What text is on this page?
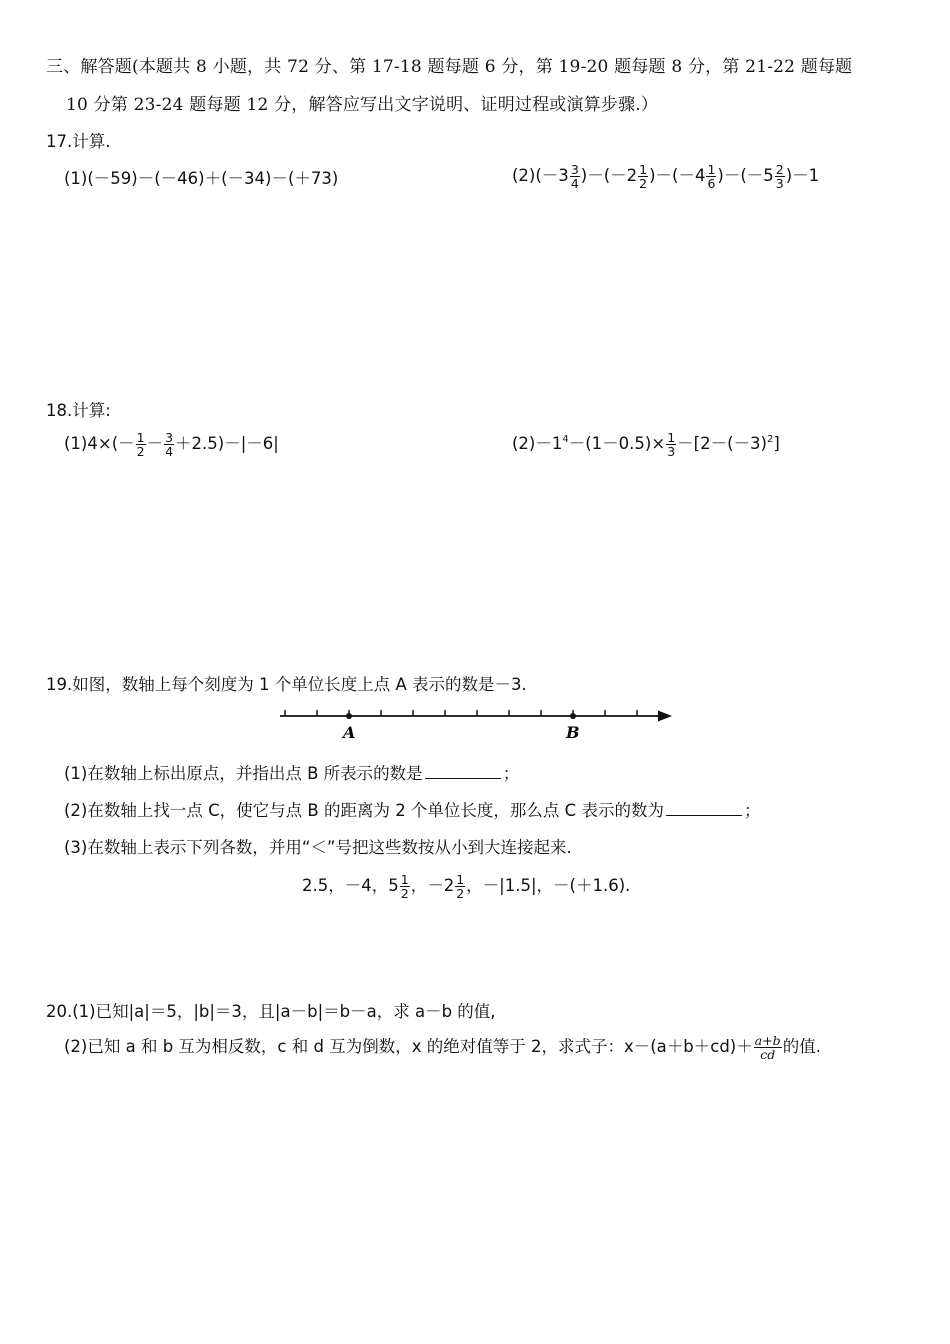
三、解答题(本题共 8 小题，共 72 分、第 17-18 题每题 6 分，第 19-20 题每题 8 分，第 21-22 题每题
10 分第 23-24 题每题 12 分，解答应写出文字说明、证明过程或演算步骤.）
17.计算.
(1)(－59)－(－46)＋(－34)－(＋73)	$(2)(-3 \frac{3}{4} )-(-2 \frac{1}{2} )-(-4 \frac{1}{6} )-(-5 \frac{2}{3} )-1$
18.计算:
$(1)4\times(- \frac{1}{2} - \frac{3}{4} +2.5)-|-6|$	$(2)-1^4-(1-0.5)\times \frac{1}{3} -[2-(-3)^2]$
19.如图，数轴上每个刻度为 1 个单位长度上点 A 表示的数是－3.
A	B
(1)在数轴上标出原点，并指出点 B 所表示的数是	；
(2)在数轴上找一点 C，使它与点 B 的距离为 2 个单位长度，那么点 C 表示的数为	；
(3)在数轴上表示下列各数，并用“＜”号把这些数按从小到大连接起来.
2.5，－4，$5 \frac{1}{2}$ ，$-2 \frac{1}{2}$ ，－|1.5|，－(＋1.6).
20.(1)已知|a|＝5，|b|＝3，且|a－b|＝b－a，求 a－b 的值,
(2)已知 a 和 b 互为相反数，c 和 d 互为倒数，x 的绝对值等于 2，求式子：$x-(a+b+cd)+ \frac{a+b}{cd}$ 的值.
